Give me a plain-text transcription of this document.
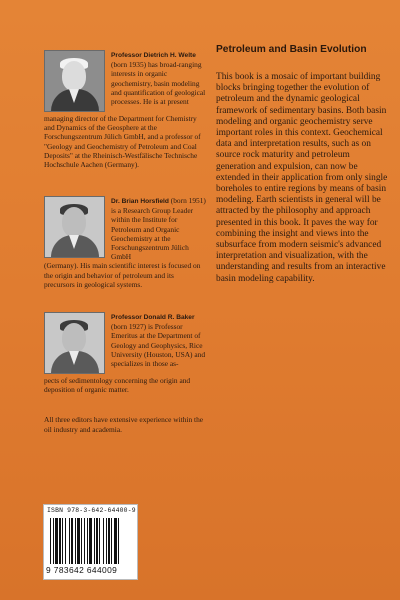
Professor Dietrich H. Welte (born 1935) has broad-ranging interests in organic geochemistry, basin modeling and quantification of geological processes. He is at present

managing director of the Department for Chemistry and Dynamics of the Geosphere at the Forschungszentrum Jülich GmbH, and a professor of "Geology and Geochemistry of Petroleum and Coal Deposits" at the Rheinisch-Westfälische Technische Hochschule Aachen (Germany).

Dr. Brian Horsfield (born 1951) is a Research Group Leader within the Institute for Petroleum and Organic Geochemistry at the Forschungszentrum Jülich GmbH

(Germany). His main scientific interest is focused on the origin and behavior of petroleum and its precursors in geological systems.

Professor Donald R. Baker (born 1927) is Professor Emeritus at the Department of Geology and Geophysics, Rice University (Houston, USA) and specializes in those as-

pects of sedimentology concerning the origin and deposition of organic matter.

All three editors have extensive experience within the oil industry and academia.

Petroleum and Basin Evolution

This book is a mosaic of important building blocks bringing together the evolution of petroleum and the dynamic geological framework of sedimentary basins. Both basin modeling and organic geochemistry serve important roles in this context. Geochemical data and interpretation results, such as on source rock maturity and petroleum generation and expulsion, can now be extended in their application from only single boreholes to entire regions by means of basin modeling. Earth scientists in general will be attracted by the philosophy and approach presented in this book. It paves the way for combining the insight and views into the subsurface from modern seismic's advanced interpretation and visualization, with the understanding and results from an interactive basin modeling capability.

ISBN 978-3-642-64400-9
9 783642 644009
